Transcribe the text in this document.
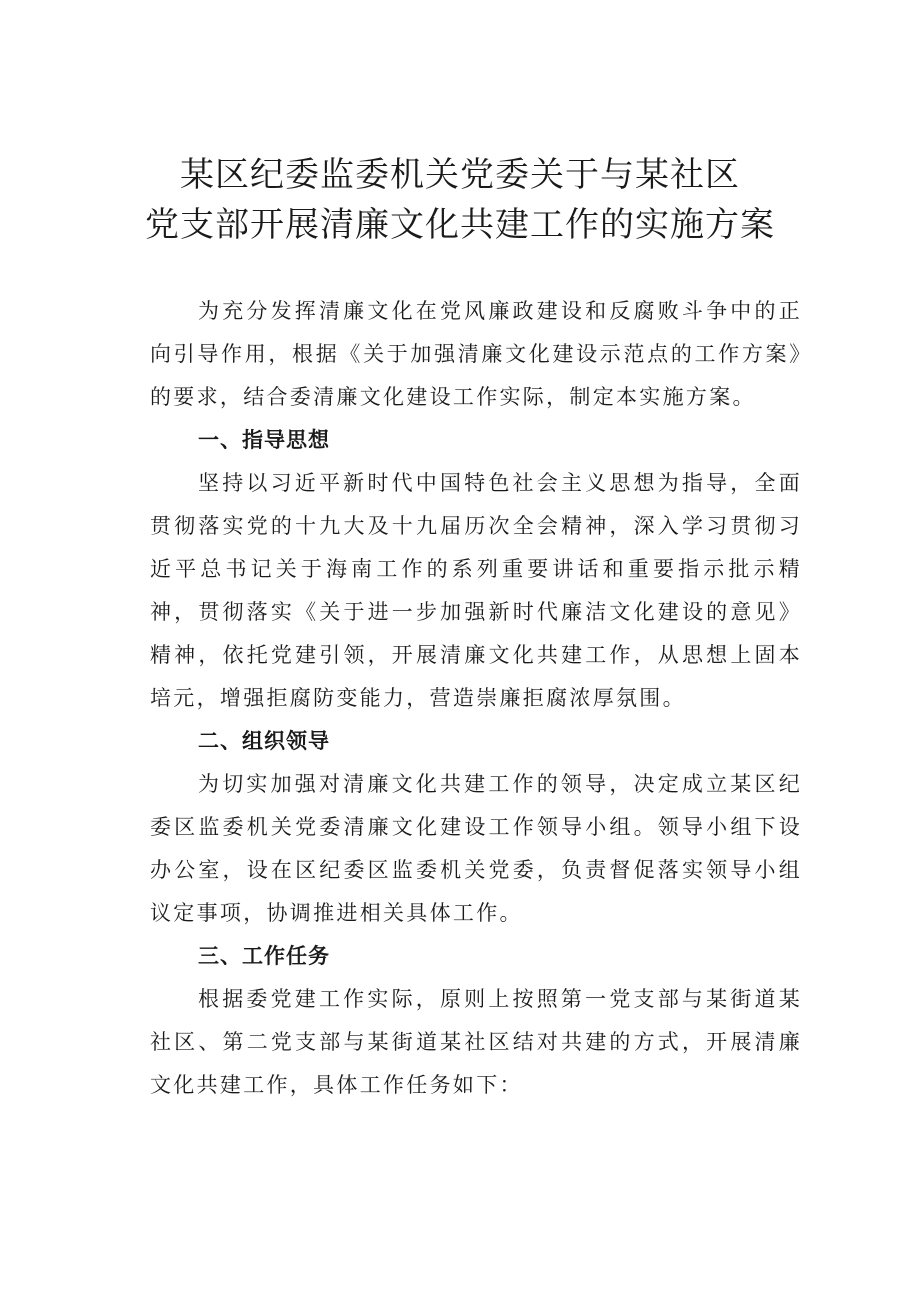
某区纪委监委机关党委关于与某社区
党支部开展清廉文化共建工作的实施方案

为充分发挥清廉文化在党风廉政建设和反腐败斗争中的正向引导作用，根据《关于加强清廉文化建设示范点的工作方案》的要求，结合委清廉文化建设工作实际，制定本实施方案。

一、指导思想

坚持以习近平新时代中国特色社会主义思想为指导，全面贯彻落实党的十九大及十九届历次全会精神，深入学习贯彻习近平总书记关于海南工作的系列重要讲话和重要指示批示精神，贯彻落实《关于进一步加强新时代廉洁文化建设的意见》精神，依托党建引领，开展清廉文化共建工作，从思想上固本培元，增强拒腐防变能力，营造崇廉拒腐浓厚氛围。

二、组织领导

为切实加强对清廉文化共建工作的领导，决定成立某区纪委区监委机关党委清廉文化建设工作领导小组。领导小组下设办公室，设在区纪委区监委机关党委，负责督促落实领导小组议定事项，协调推进相关具体工作。

三、工作任务

根据委党建工作实际，原则上按照第一党支部与某街道某社区、第二党支部与某街道某社区结对共建的方式，开展清廉文化共建工作，具体工作任务如下：
